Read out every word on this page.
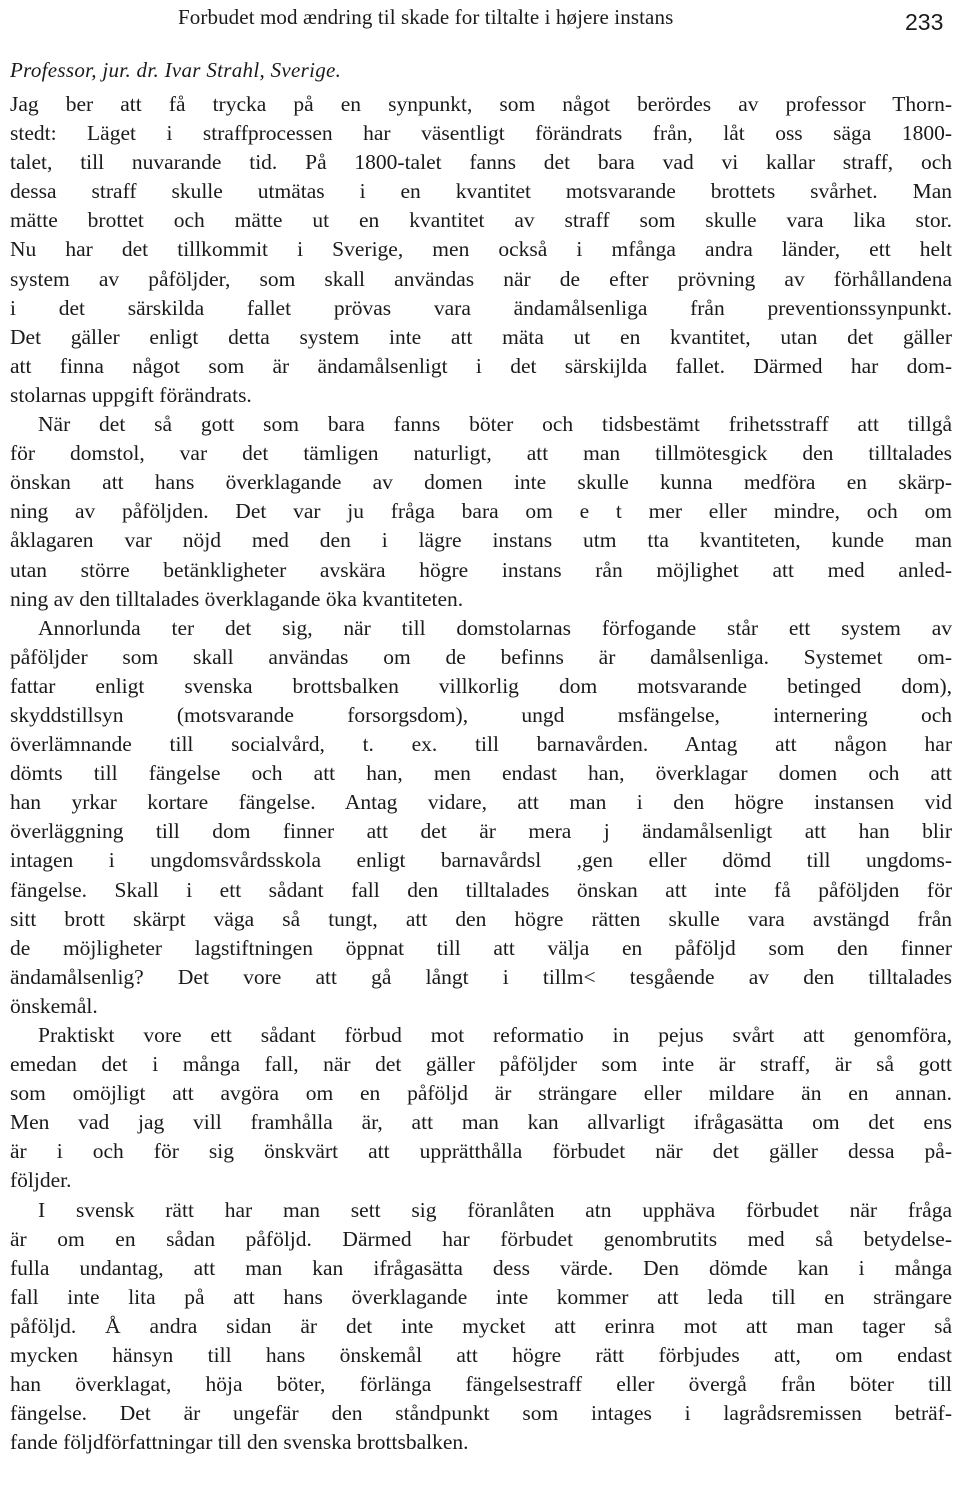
Forbudet mod ændring til skade for tiltalte i højere instans	233
Professor, jur. dr. Ivar Strahl, Sverige.

Jag ber att få trycka på en synpunkt, som något berördes av professor Thorn-
stedt: Läget i straffprocessen har väsentligt förändrats från, låt oss säga 1800-
talet, till nuvarande tid. På 1800-talet fanns det bara vad vi kallar straff, och
dessa straff skulle utmätas i en kvantitet motsvarande brottets svårhet. Man
mätte brottet och mätte ut en kvantitet av straff som skulle vara lika stor.
Nu har det tillkommit i Sverige, men också i mfånga andra länder, ett helt
system av påföljder, som skall användas när de efter prövning av förhållandena
i det särskilda fallet prövas vara ändamålsenliga från preventionssynpunkt.
Det gäller enligt detta system inte att mäta ut en kvantitet, utan det gäller
att finna något som är ändamålsenligt i det särskijlda fallet. Därmed har dom-
stolarnas uppgift förändrats.

När det så gott som bara fanns böter och tidsbestämt frihetsstraff att tillgå
för domstol, var det tämligen naturligt, att man tillmötesgick den tilltalades
önskan att hans överklagande av domen inte skulle kunna medföra en skärp-
ning av påföljden. Det var ju fråga bara om e t mer eller mindre, och om
åklagaren var nöjd med den i lägre instans utm tta kvantiteten, kunde man
utan större betänkligheter avskära högre instans rån möjlighet att med anled-
ning av den tilltalades överklagande öka kvantiteten.

Annorlunda ter det sig, när till domstolarnas förfogande står ett system av
påföljder som skall användas om de befinns är damålsenliga. Systemet om-
fattar enligt svenska brottsbalken villkorlig dom motsvarande betinged dom),
skyddstillsyn (motsvarande forsorgsdom), ungd msfängelse, internering och
överlämnande till socialvård, t. ex. till barnavården. Antag att någon har
dömts till fängelse och att han, men endast han, överklagar domen och att
han yrkar kortare fängelse. Antag vidare, att man i den högre instansen vid
överläggning till dom finner att det är mera j ändamålsenligt att han blir
intagen i ungdomsvårdsskola enligt barnavårdsl ,gen eller dömd till ungdoms-
fängelse. Skall i ett sådant fall den tilltalades önskan att inte få påföljden för
sitt brott skärpt väga så tungt, att den högre rätten skulle vara avstängd från
de möjligheter lagstiftningen öppnat till att välja en påföljd som den finner
ändamålsenlig? Det vore att gå långt i tillm< tesgående av den tilltalades
önskemål.

Praktiskt vore ett sådant förbud mot reformatio in pejus svårt att genomföra,
emedan det i många fall, när det gäller påföljder som inte är straff, är så gott
som omöjligt att avgöra om en påföljd är strängare eller mildare än en annan.
Men vad jag vill framhålla är, att man kan allvarligt ifrågasätta om det ens
är i och för sig önskvärt att upprätthålla förbudet när det gäller dessa på-
följder.

I svensk rätt har man sett sig föranlåten atn upphäva förbudet när fråga
är om en sådan påföljd. Därmed har förbudet genombrutits med så betydelse-
fulla undantag, att man kan ifrågasätta dess värde. Den dömde kan i många
fall inte lita på att hans överklagande inte kommer att leda till en strängare
påföljd. Å andra sidan är det inte mycket att erinra mot att man tager så
mycken hänsyn till hans önskemål att högre rätt förbjudes att, om endast
han överklagat, höja böter, förlänga fängelsestraff eller övergå från böter till
fängelse. Det är ungefär den ståndpunkt som intages i lagrådsremissen beträf-
fande följdförfattningar till den svenska brottsbalken.
